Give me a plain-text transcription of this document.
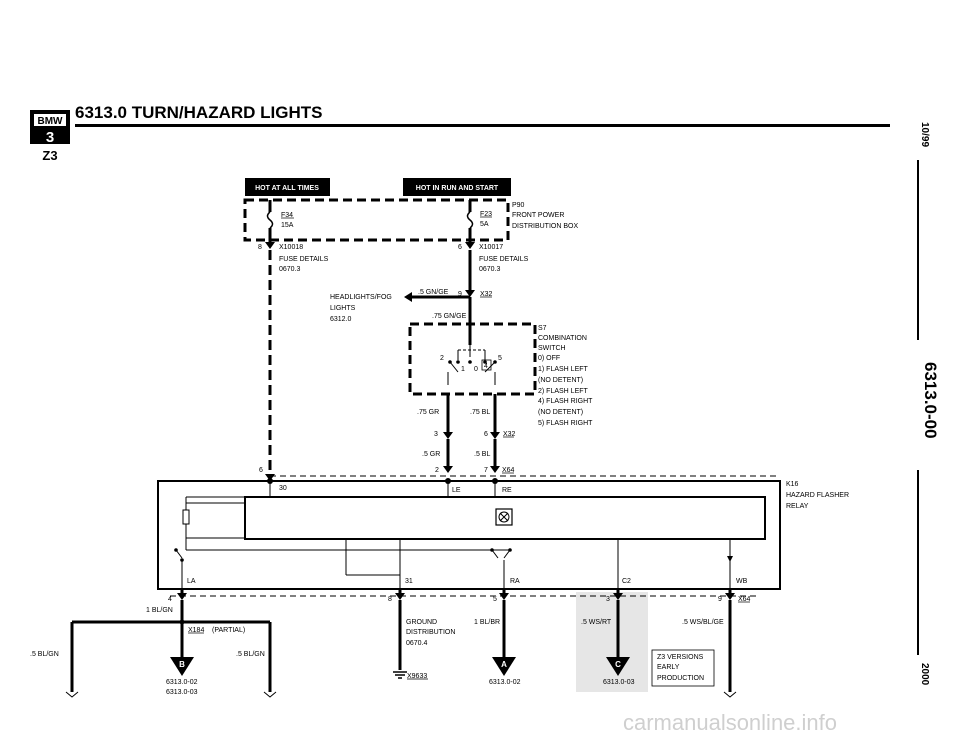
BMW
3
Z3
6313.0 TURN/HAZARD LIGHTS
10/99
6313.0-00
2000
HOT AT ALL TIMES	HOT IN RUN AND START
F34
15A
F23
5A
P90
FRONT POWER
DISTRIBUTION BOX
8 X10018
FUSE DETAILS
0670.3
6 X10017
FUSE DETAILS
0670.3
HEADLIGHTS/FOG
LIGHTS
6312.0
.5 GN/GE 9	X32
.75 GN/GE
2
1 0 4
5
S7
COMBINATION
SWITCH
0) OFF
1) FLASH LEFT
(NO DETENT)
2) FLASH LEFT
4) FLASH RIGHT
(NO DETENT)
5) FLASH RIGHT
.75 GR	.75 BL
3	6 X32
.5 GR	.5 BL
2	7 X64
6
30	LE	RE
K16
HAZARD FLASHER
RELAY
LA	31	RA	C2	WB
4	8	5	3	9 X64
1 BL/GN
X184 (PARTIAL)
.5 BL/GN	.5 BL/GN
B
6313.0-02
6313.0-03
GROUND
DISTRIBUTION
0670.4
X9633
1 BL/BR
A
6313.0-02
.5 WS/RT
C
6313.0-03
.5 WS/BL/GE
Z3 VERSIONS
EARLY
PRODUCTION
carmanualsonline.info
